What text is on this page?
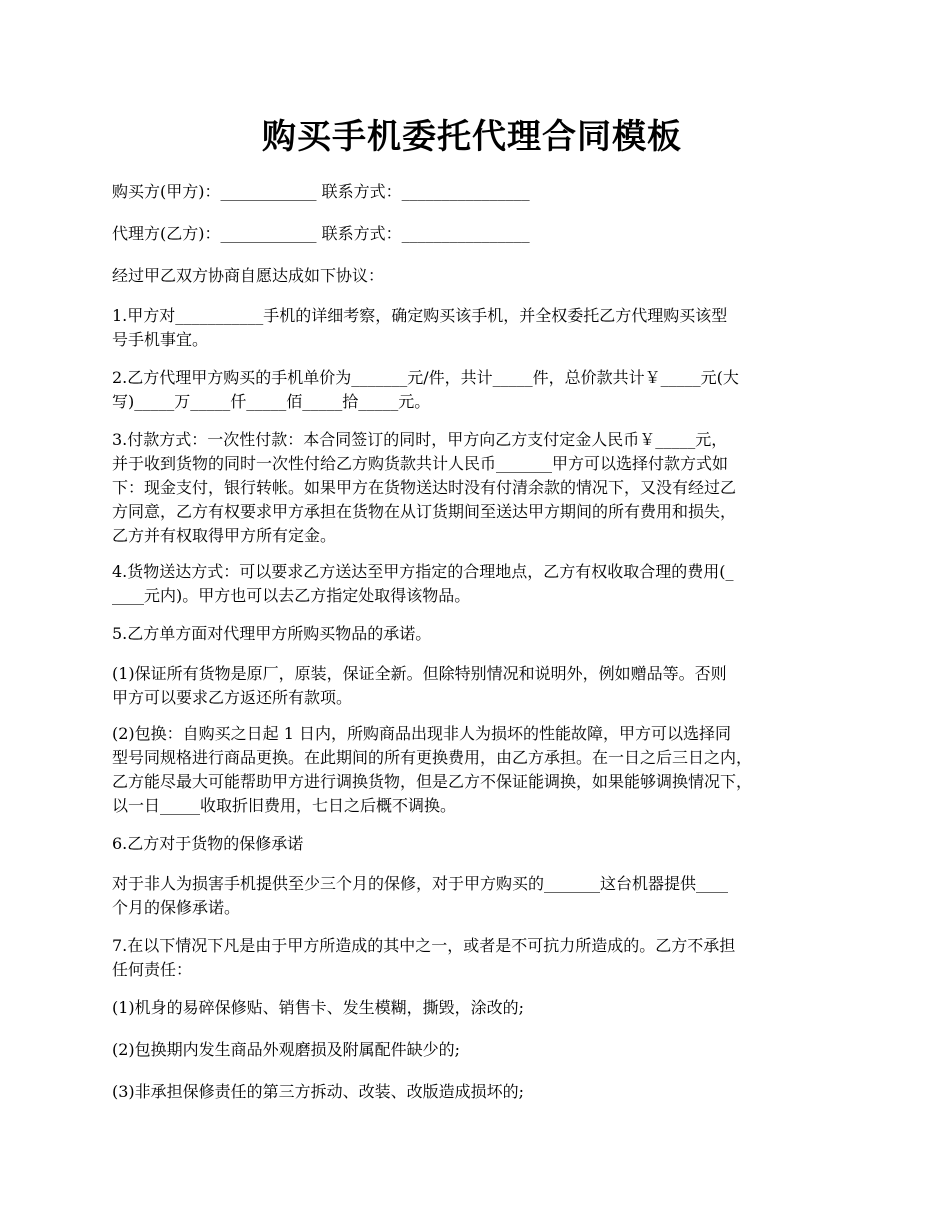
购买手机委托代理合同模板
购买方(甲方)：____________ 联系方式：________________
代理方(乙方)：____________ 联系方式：________________
经过甲乙双方协商自愿达成如下协议：
1.甲方对___________手机的详细考察，确定购买该手机，并全权委托乙方代理购买该型
号手机事宜。
2.乙方代理甲方购买的手机单价为_______元/件，共计_____件，总价款共计￥_____元(大
写)_____万_____仟_____佰_____拾_____元。
3.付款方式：一次性付款：本合同签订的同时，甲方向乙方支付定金人民币￥_____元，
并于收到货物的同时一次性付给乙方购货款共计人民币_______甲方可以选择付款方式如
下：现金支付，银行转帐。如果甲方在货物送达时没有付清余款的情况下，又没有经过乙
方同意，乙方有权要求甲方承担在货物在从订货期间至送达甲方期间的所有费用和损失，
乙方并有权取得甲方所有定金。
4.货物送达方式：可以要求乙方送达至甲方指定的合理地点，乙方有权收取合理的费用(_
____元内)。甲方也可以去乙方指定处取得该物品。
5.乙方单方面对代理甲方所购买物品的承诺。
(1)保证所有货物是原厂，原装，保证全新。但除特别情况和说明外，例如赠品等。否则
甲方可以要求乙方返还所有款项。
(2)包换：自购买之日起 1 日内，所购商品出现非人为损坏的性能故障，甲方可以选择同
型号同规格进行商品更换。在此期间的所有更换费用，由乙方承担。在一日之后三日之内，
乙方能尽最大可能帮助甲方进行调换货物，但是乙方不保证能调换，如果能够调换情况下，
以一日_____收取折旧费用，七日之后概不调换。
6.乙方对于货物的保修承诺
对于非人为损害手机提供至少三个月的保修，对于甲方购买的_______这台机器提供____
个月的保修承诺。
7.在以下情况下凡是由于甲方所造成的其中之一，或者是不可抗力所造成的。乙方不承担
任何责任：
(1)机身的易碎保修贴、销售卡、发生模糊，撕毁，涂改的;
(2)包换期内发生商品外观磨损及附属配件缺少的;
(3)非承担保修责任的第三方拆动、改装、改版造成损坏的;
